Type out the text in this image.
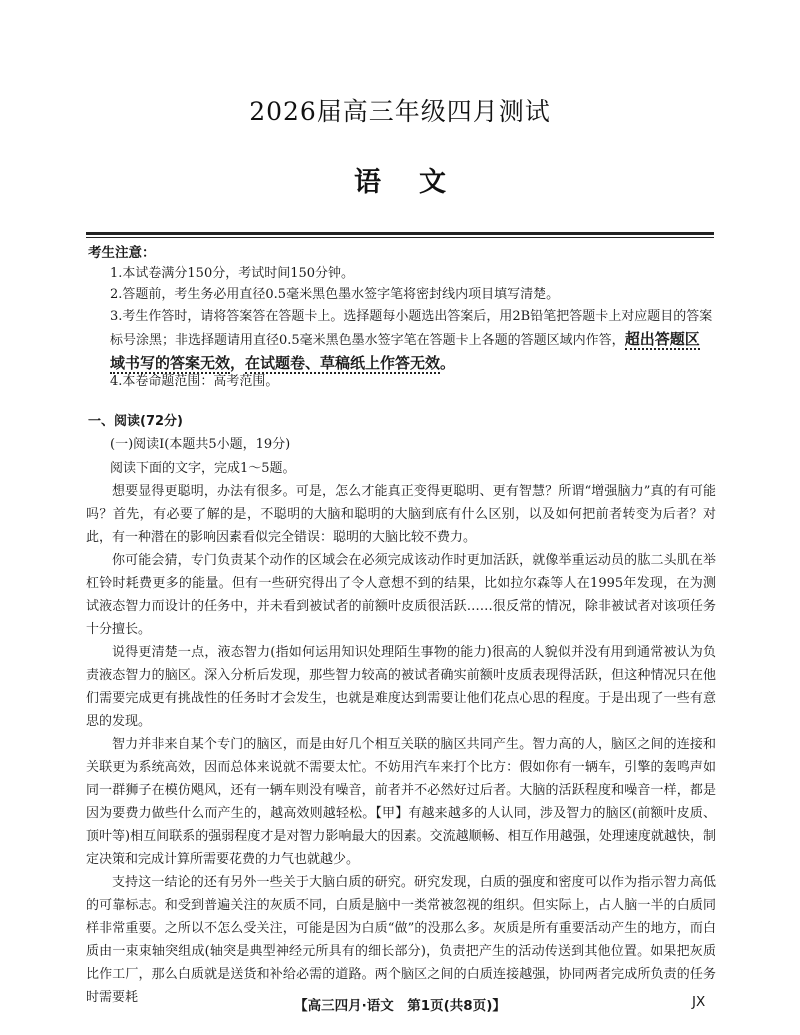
2026届高三年级四月测试
语文
考生注意：
1.本试卷满分150分，考试时间150分钟。
2.答题前，考生务必用直径0.5毫米黑色墨水签字笔将密封线内项目填写清楚。
3.考生作答时，请将答案答在答题卡上。选择题每小题选出答案后，用2B铅笔把答题卡上对应题目的答案标号涂黑；非选择题请用直径0.5毫米黑色墨水签字笔在答题卡上各题的答题区域内作答，超出答题区域书写的答案无效，在试题卷、草稿纸上作答无效。
4.本卷命题范围：高考范围。
一、阅读(72分)
(一)阅读Ⅰ(本题共5小题，19分)
阅读下面的文字，完成1～5题。

想要显得更聪明，办法有很多。可是，怎么才能真正变得更聪明、更有智慧？所谓“增强脑力”真的有可能吗？首先，有必要了解的是，不聪明的大脑和聪明的大脑到底有什么区别，以及如何把前者转变为后者？对此，有一种潜在的影响因素看似完全错误：聪明的大脑比较不费力。

你可能会猜，专门负责某个动作的区域会在必须完成该动作时更加活跃，就像举重运动员的肱二头肌在举杠铃时耗费更多的能量。但有一些研究得出了令人意想不到的结果，比如拉尔森等人在1995年发现，在为测试液态智力而设计的任务中，并未看到被试者的前额叶皮质很活跃……很反常的情况，除非被试者对该项任务十分擅长。

说得更清楚一点，液态智力(指如何运用知识处理陌生事物的能力)很高的人貌似并没有用到通常被认为负责液态智力的脑区。深入分析后发现，那些智力较高的被试者确实前额叶皮质表现得活跃，但这种情况只在他们需要完成更有挑战性的任务时才会发生，也就是难度达到需要让他们花点心思的程度。于是出现了一些有意思的发现。

智力并非来自某个专门的脑区，而是由好几个相互关联的脑区共同产生。智力高的人，脑区之间的连接和关联更为系统高效，因而总体来说就不需要太忙。不妨用汽车来打个比方：假如你有一辆车，引擎的轰鸣声如同一群狮子在模仿飓风，还有一辆车则没有噪音，前者并不必然好过后者。大脑的活跃程度和噪音一样，都是因为要费力做些什么而产生的，越高效则越轻松。【甲】有越来越多的人认同，涉及智力的脑区(前额叶皮质、顶叶等)相互间联系的强弱程度才是对智力影响最大的因素。交流越顺畅、相互作用越强，处理速度就越快，制定决策和完成计算所需要花费的力气也就越少。

支持这一结论的还有另外一些关于大脑白质的研究。研究发现，白质的强度和密度可以作为指示智力高低的可靠标志。和受到普遍关注的灰质不同，白质是脑中一类常被忽视的组织。但实际上，占人脑一半的白质同样非常重要。之所以不怎么受关注，可能是因为白质“做”的没那么多。灰质是所有重要活动产生的地方，而白质由一束束轴突组成(轴突是典型神经元所具有的细长部分)，负责把产生的活动传送到其他位置。如果把灰质比作工厂，那么白质就是送货和补给必需的道路。两个脑区之间的白质连接越强，协同两者完成所负责的任务时需要耗

【高三四月·语文　第1页(共8页)】	JX
